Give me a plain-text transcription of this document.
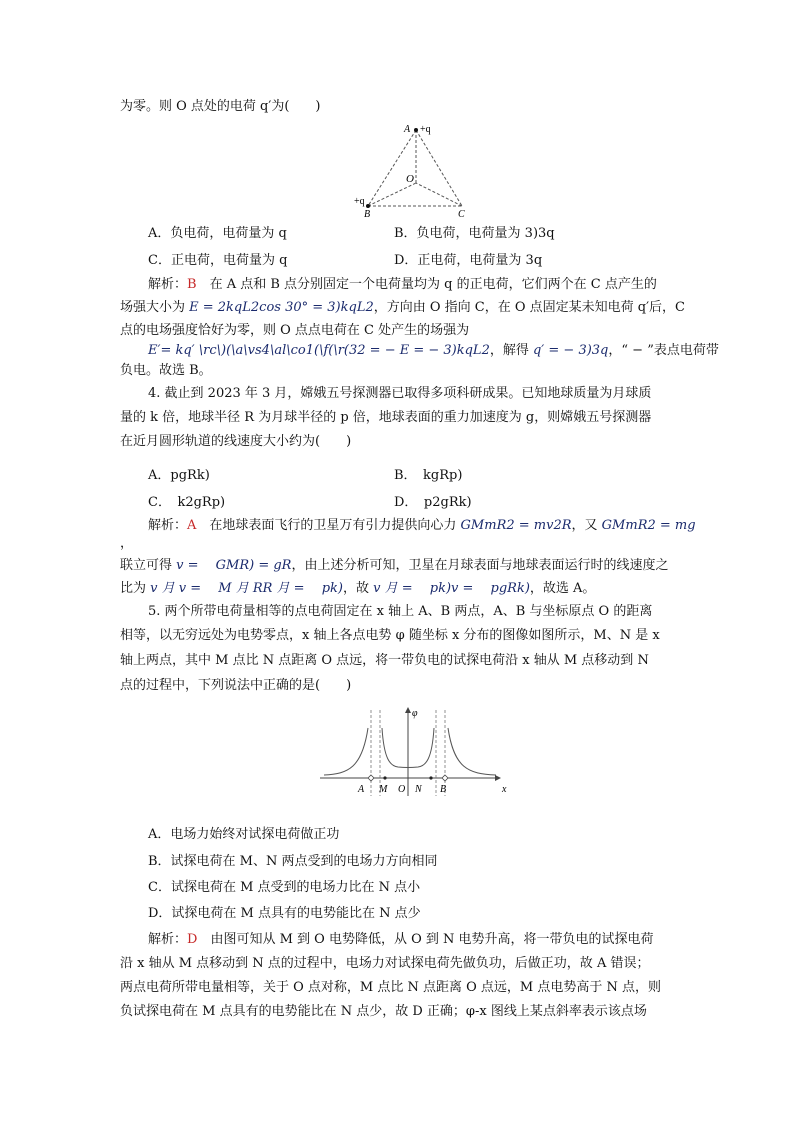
为零。则 O 点处的电荷 q′为(　　)
A +q
O
+q
B	C
A．负电荷，电荷量为 q	B．负电荷，电荷量为 3)3q
C．正电荷，电荷量为 q	D．正电荷，电荷量为 3q
解析：B　在 A 点和 B 点分别固定一个电荷量均为 q 的正电荷，它们两个在 C 点产生的
场强大小为 E = 2kqL2cos 30° = 3)kqL2，方向由 O 指向 C，在 O 点固定某未知电荷 q′后，C
点的电场强度恰好为零，则 O 点点电荷在 C 处产生的场强为
E′= kq′ \rc\)(\a\vs4\al\co1(\f(\r(32 = − E = − 3)kqL2，解得 q′ = − 3)3q，“ − ”表点电荷带
负电。故选 B。
4. 截止到 2023 年 3 月，嫦娥五号探测器已取得多项科研成果。已知地球质量为月球质
量的 k 倍，地球半径 R 为月球半径的 p 倍，地球表面的重力加速度为 g，则嫦娥五号探测器
在近月圆形轨道的线速度大小约为(　　)
A．pgRk)	B．　kgRp)
C．　k2gRp)	D．　p2gRk)
解析：A　在地球表面飞行的卫星万有引力提供向心力 GMmR2 = mv2R，又 GMmR2 = mg
，
联立可得 v = 　GMR) = gR，由上述分析可知，卫星在月球表面与地球表面运行时的线速度之
比为 v 月 v = 　M 月 RR 月 = 　pk)，故 v 月 = 　pk)v = 　pgRk)，故选 A。
5. 两个所带电荷量相等的点电荷固定在 x 轴上 A、B 两点，A、B 与坐标原点 O 的距离
相等，以无穷远处为电势零点，x 轴上各点电势 φ 随坐标 x 分布的图像如图所示，M、N 是 x
轴上两点，其中 M 点比 N 点距离 O 点远，将一带负电的试探电荷沿 x 轴从 M 点移动到 N
点的过程中，下列说法中正确的是(　　)
φ
x
A M O N B
A．电场力始终对试探电荷做正功
B．试探电荷在 M、N 两点受到的电场力方向相同
C．试探电荷在 M 点受到的电场力比在 N 点小
D．试探电荷在 M 点具有的电势能比在 N 点少
解析：D　由图可知从 M 到 O 电势降低，从 O 到 N 电势升高，将一带负电的试探电荷
沿 x 轴从 M 点移动到 N 点的过程中，电场力对试探电荷先做负功，后做正功，故 A 错误；
两点电荷所带电量相等，关于 O 点对称，M 点比 N 点距离 O 点远，M 点电势高于 N 点，则
负试探电荷在 M 点具有的电势能比在 N 点少，故 D 正确；φ-x 图线上某点斜率表示该点场
